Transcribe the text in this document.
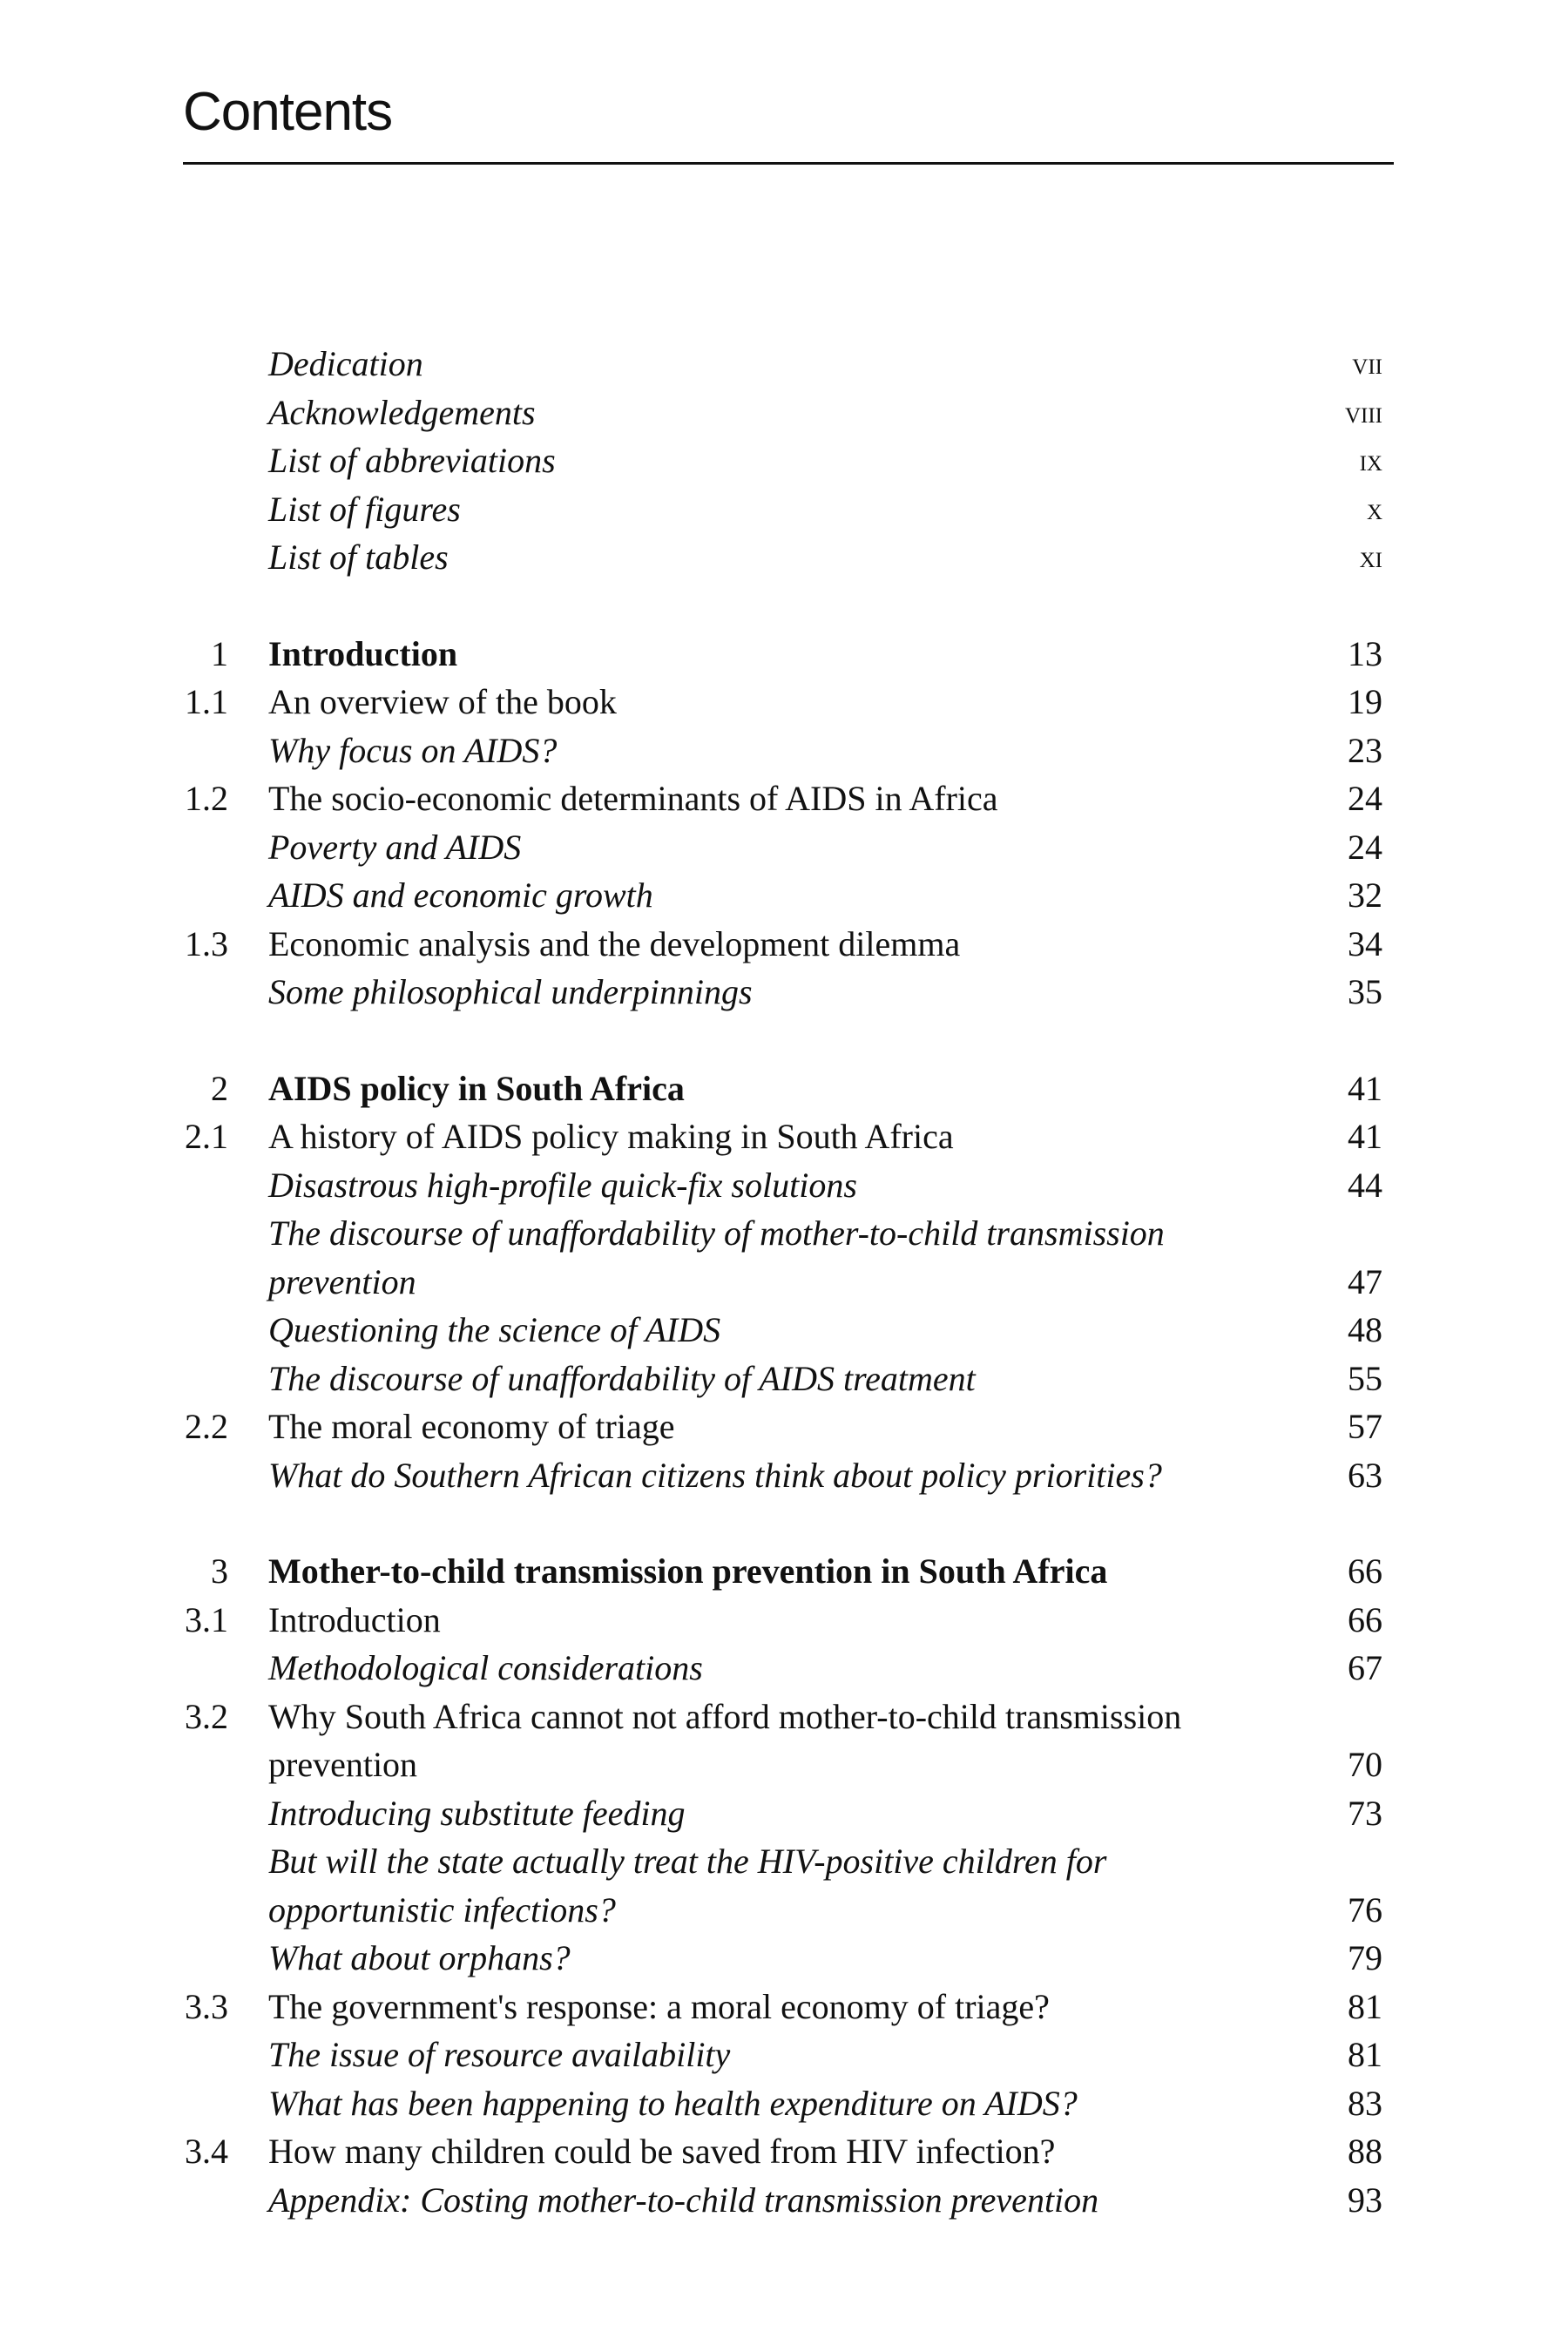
Contents
Dedication	vii
Acknowledgements	viii
List of abbreviations	ix
List of figures	x
List of tables	xi
1 Introduction	13
1.1 An overview of the book	19
Why focus on AIDS?	23
1.2 The socio-economic determinants of AIDS in Africa	24
Poverty and AIDS	24
AIDS and economic growth	32
1.3 Economic analysis and the development dilemma	34
Some philosophical underpinnings	35
2 AIDS policy in South Africa	41
2.1 A history of AIDS policy making in South Africa	41
Disastrous high-profile quick-fix solutions	44
The discourse of unaffordability of mother-to-child transmission prevention	47
Questioning the science of AIDS	48
The discourse of unaffordability of AIDS treatment	55
2.2 The moral economy of triage	57
What do Southern African citizens think about policy priorities?	63
3 Mother-to-child transmission prevention in South Africa	66
3.1 Introduction	66
Methodological considerations	67
3.2 Why South Africa cannot not afford mother-to-child transmission prevention	70
Introducing substitute feeding	73
But will the state actually treat the HIV-positive children for opportunistic infections?	76
What about orphans?	79
3.3 The government's response: a moral economy of triage?	81
The issue of resource availability	81
What has been happening to health expenditure on AIDS?	83
3.4 How many children could be saved from HIV infection?	88
Appendix: Costing mother-to-child transmission prevention	93
